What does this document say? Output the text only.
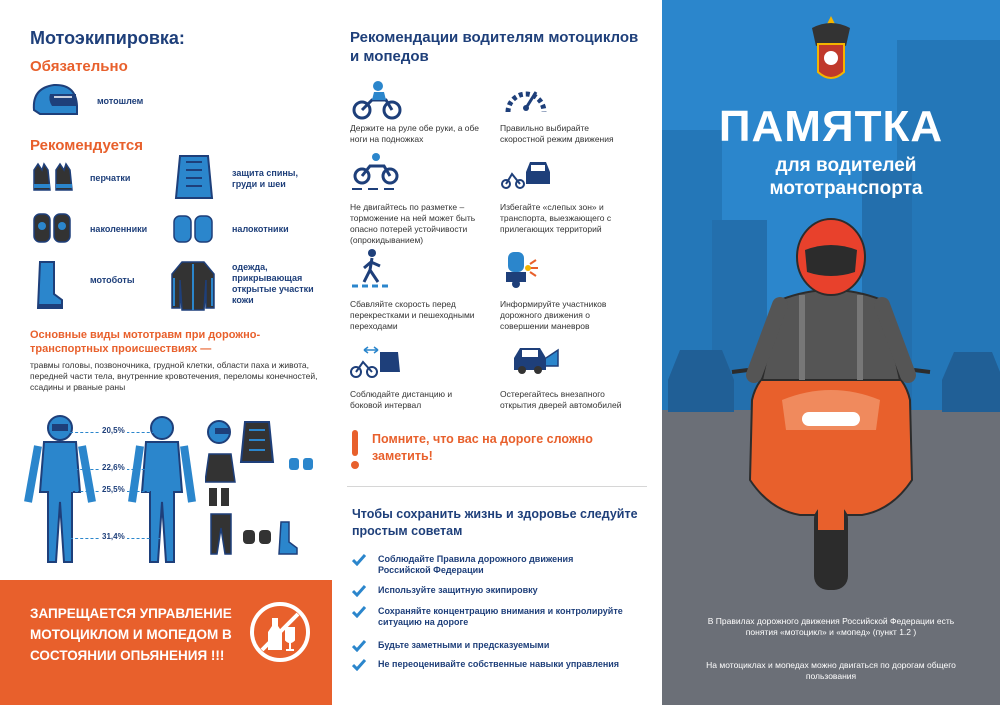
Мотоэкипировка:
Обязательно
мотошлем
Рекомендуется
перчатки	защита спины, груди и шеи
наколенники	налокотники
мотоботы
одежда, прикрывающая открытые участки кожи
Основные виды мототравм при дорожно-транспортных происшествиях —
травмы головы, позвоночника, грудной клетки, области паха и живота, передней части тела, внутренние кровотечения, переломы конечностей, ссадины и рваные раны
20,5%
22,6%
25,5%
31,4%
ЗАПРЕЩАЕТСЯ УПРАВЛЕНИЕ МОТОЦИКЛОМ И МОПЕДОМ В СОСТОЯНИИ ОПЬЯНЕНИЯ !!!
Рекомендации водителям мотоциклов и мопедов
Держите на руле обе руки, а обе ноги на подножках
Правильно выбирайте скоростной режим движения
Не двигайтесь по разметке – торможение на ней может быть опасно потерей устойчивости (опрокидыванием)
Избегайте «слепых зон» и транспорта, выезжающего с прилегающих территорий
Сбавляйте скорость перед перекрестками и пешеходными переходами
Информируйте участников дорожного движения о совершении маневров
Соблюдайте дистанцию и боковой интервал
Остерегайтесь внезапного открытия дверей автомобилей
Помните, что вас на дороге сложно заметить!
Чтобы сохранить жизнь и здоровье следуйте простым советам
Соблюдайте Правила дорожного движения Российской Федерации
Используйте защитную экипировку
Сохраняйте концентрацию внимания и контролируйте ситуацию на дороге
Будьте заметными и предсказуемыми
Не переоценивайте собственные навыки управления
ПАМЯТКА
для водителей
мототранспорта
В Правилах дорожного движения Российской Федерации есть понятия «мотоцикл» и «мопед» (пункт 1.2 )
На мотоциклах и мопедах можно двигаться по дорогам общего пользования
